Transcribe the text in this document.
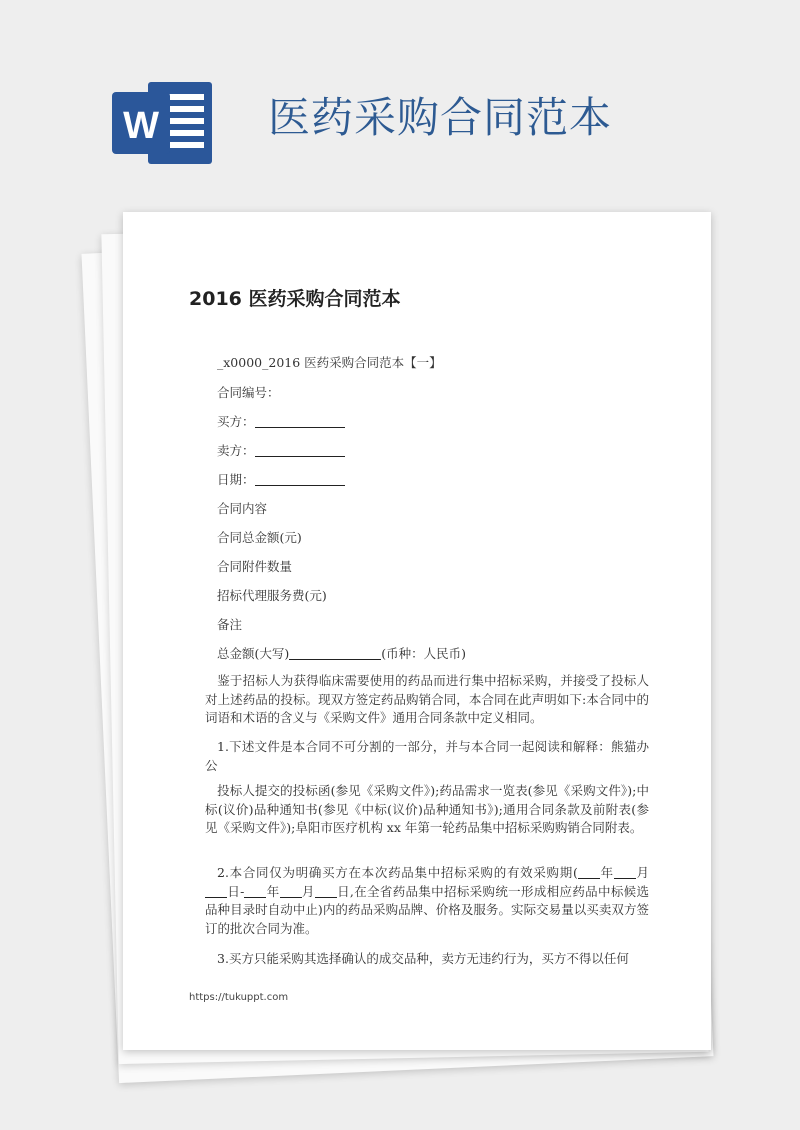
W	医药采购合同范本
2016 医药采购合同范本
_x0000_2016 医药采购合同范本【一】
合同编号：
买方：
卖方：
日期：
合同内容
合同总金额(元)
合同附件数量
招标代理服务费(元)
备注
总金额(大写)	(币种：人民币)
鉴于招标人为获得临床需要使用的药品而进行集中招标采购，并接受了投标人对上述药品的投标。现双方签定药品购销合同，本合同在此声明如下:本合同中的词语和术语的含义与《采购文件》通用合同条款中定义相同。
1.下述文件是本合同不可分割的一部分，并与本合同一起阅读和解释：熊猫办公
投标人提交的投标函(参见《采购文件》);药品需求一览表(参见《采购文件》);中标(议价)品种通知书(参见《中标(议价)品种通知书》);通用合同条款及前附表(参见《采购文件》);阜阳市医疗机构 xx 年第一轮药品集中招标采购购销合同附表。
2.本合同仅为明确买方在本次药品集中招标采购的有效采购期( 年 月日- 年 月 日,在全省药品集中招标采购统一形成相应药品中标候选品种目录时自动中止)内的药品采购品牌、价格及服务。实际交易量以买卖双方签订的批次合同为准。
3.买方只能采购其选择确认的成交品种，卖方无违约行为，买方不得以任何
https://tukuppt.com
